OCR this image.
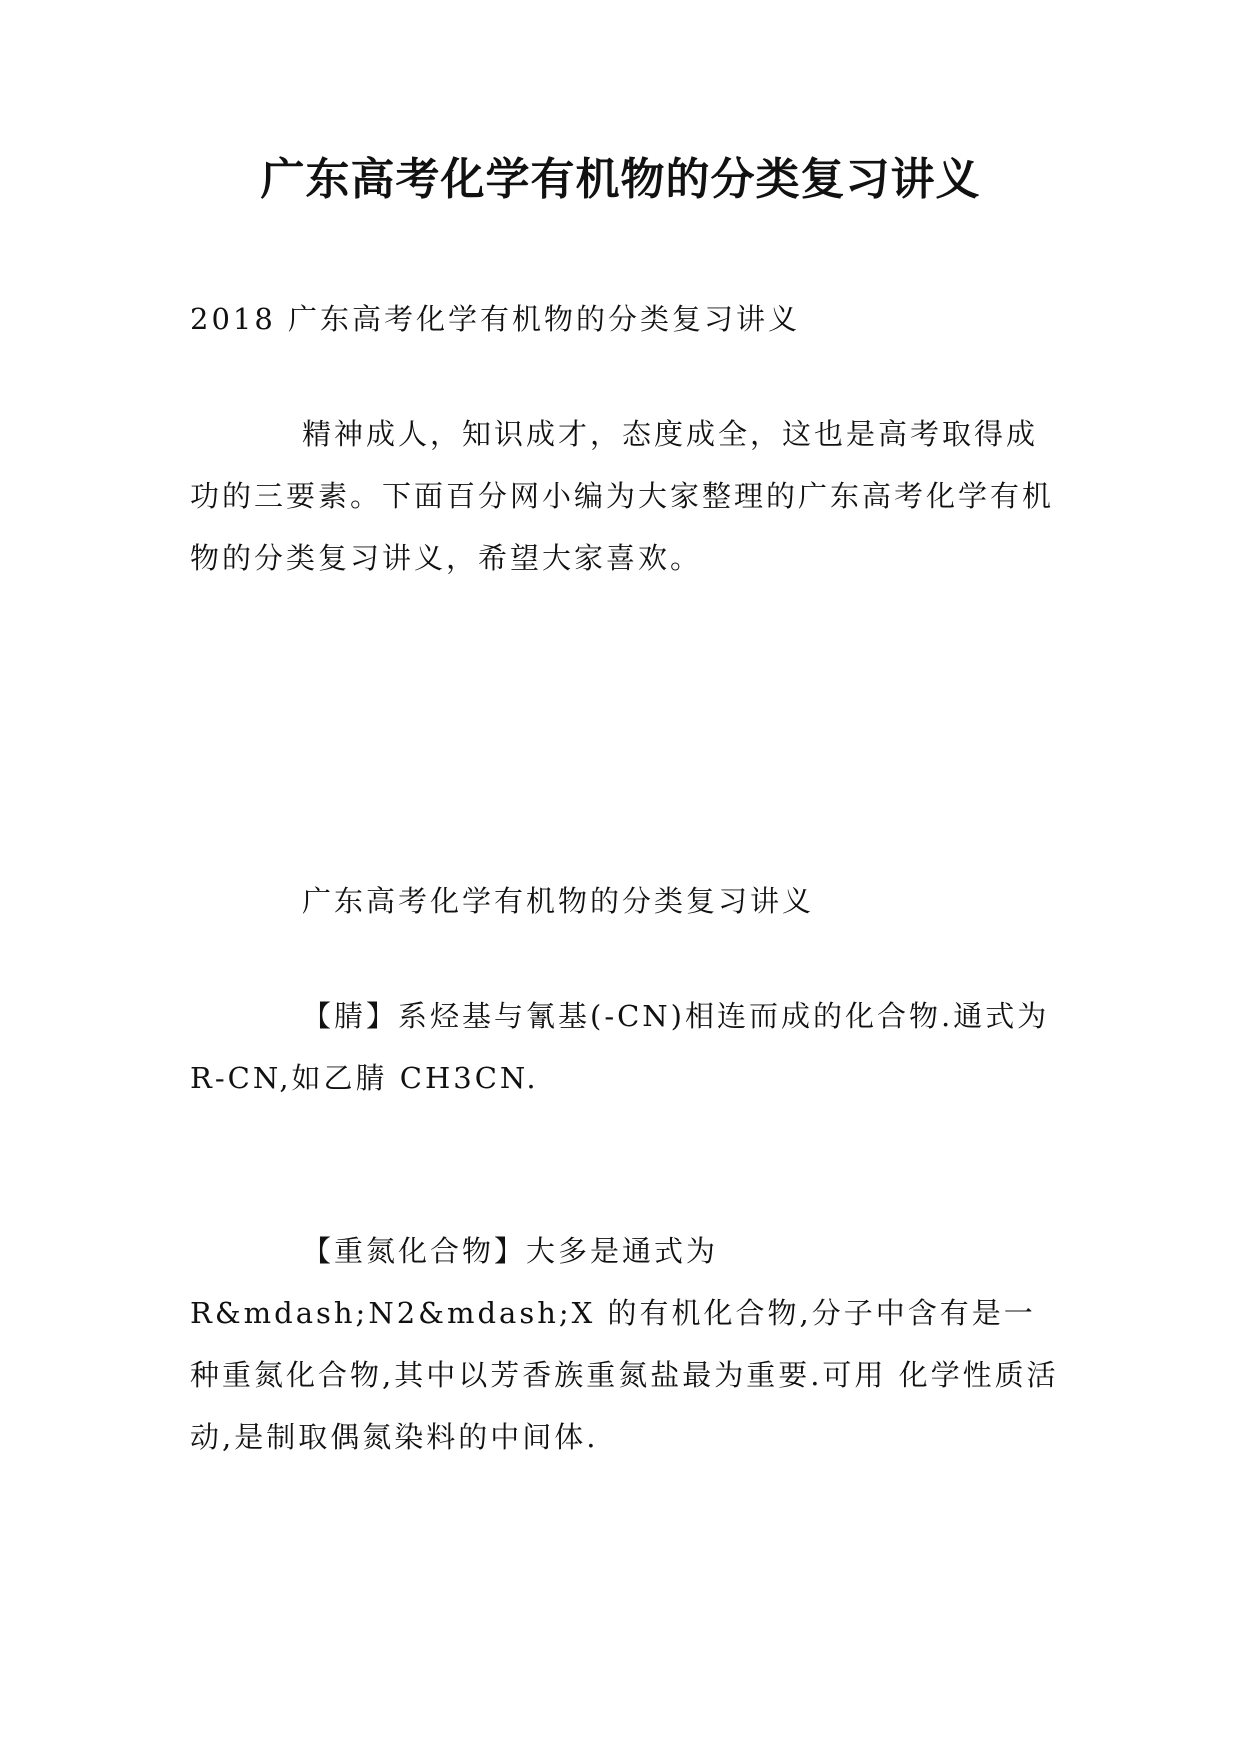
广东高考化学有机物的分类复习讲义

2018 广东高考化学有机物的分类复习讲义

精神成人，知识成才，态度成全，这也是高考取得成功的三要素。下面百分网小编为大家整理的广东高考化学有机物的分类复习讲义，希望大家喜欢。

广东高考化学有机物的分类复习讲义

【腈】系烃基与氰基(-CN)相连而成的化合物.通式为 R-CN,如乙腈 CH3CN.

【重氮化合物】大多是通式为 R&mdash;N2&mdash;X 的有机化合物,分子中含有是一种重氮化合物,其中以芳香族重氮盐最为重要.可用 化学性质活动,是制取偶氮染料的中间体.
